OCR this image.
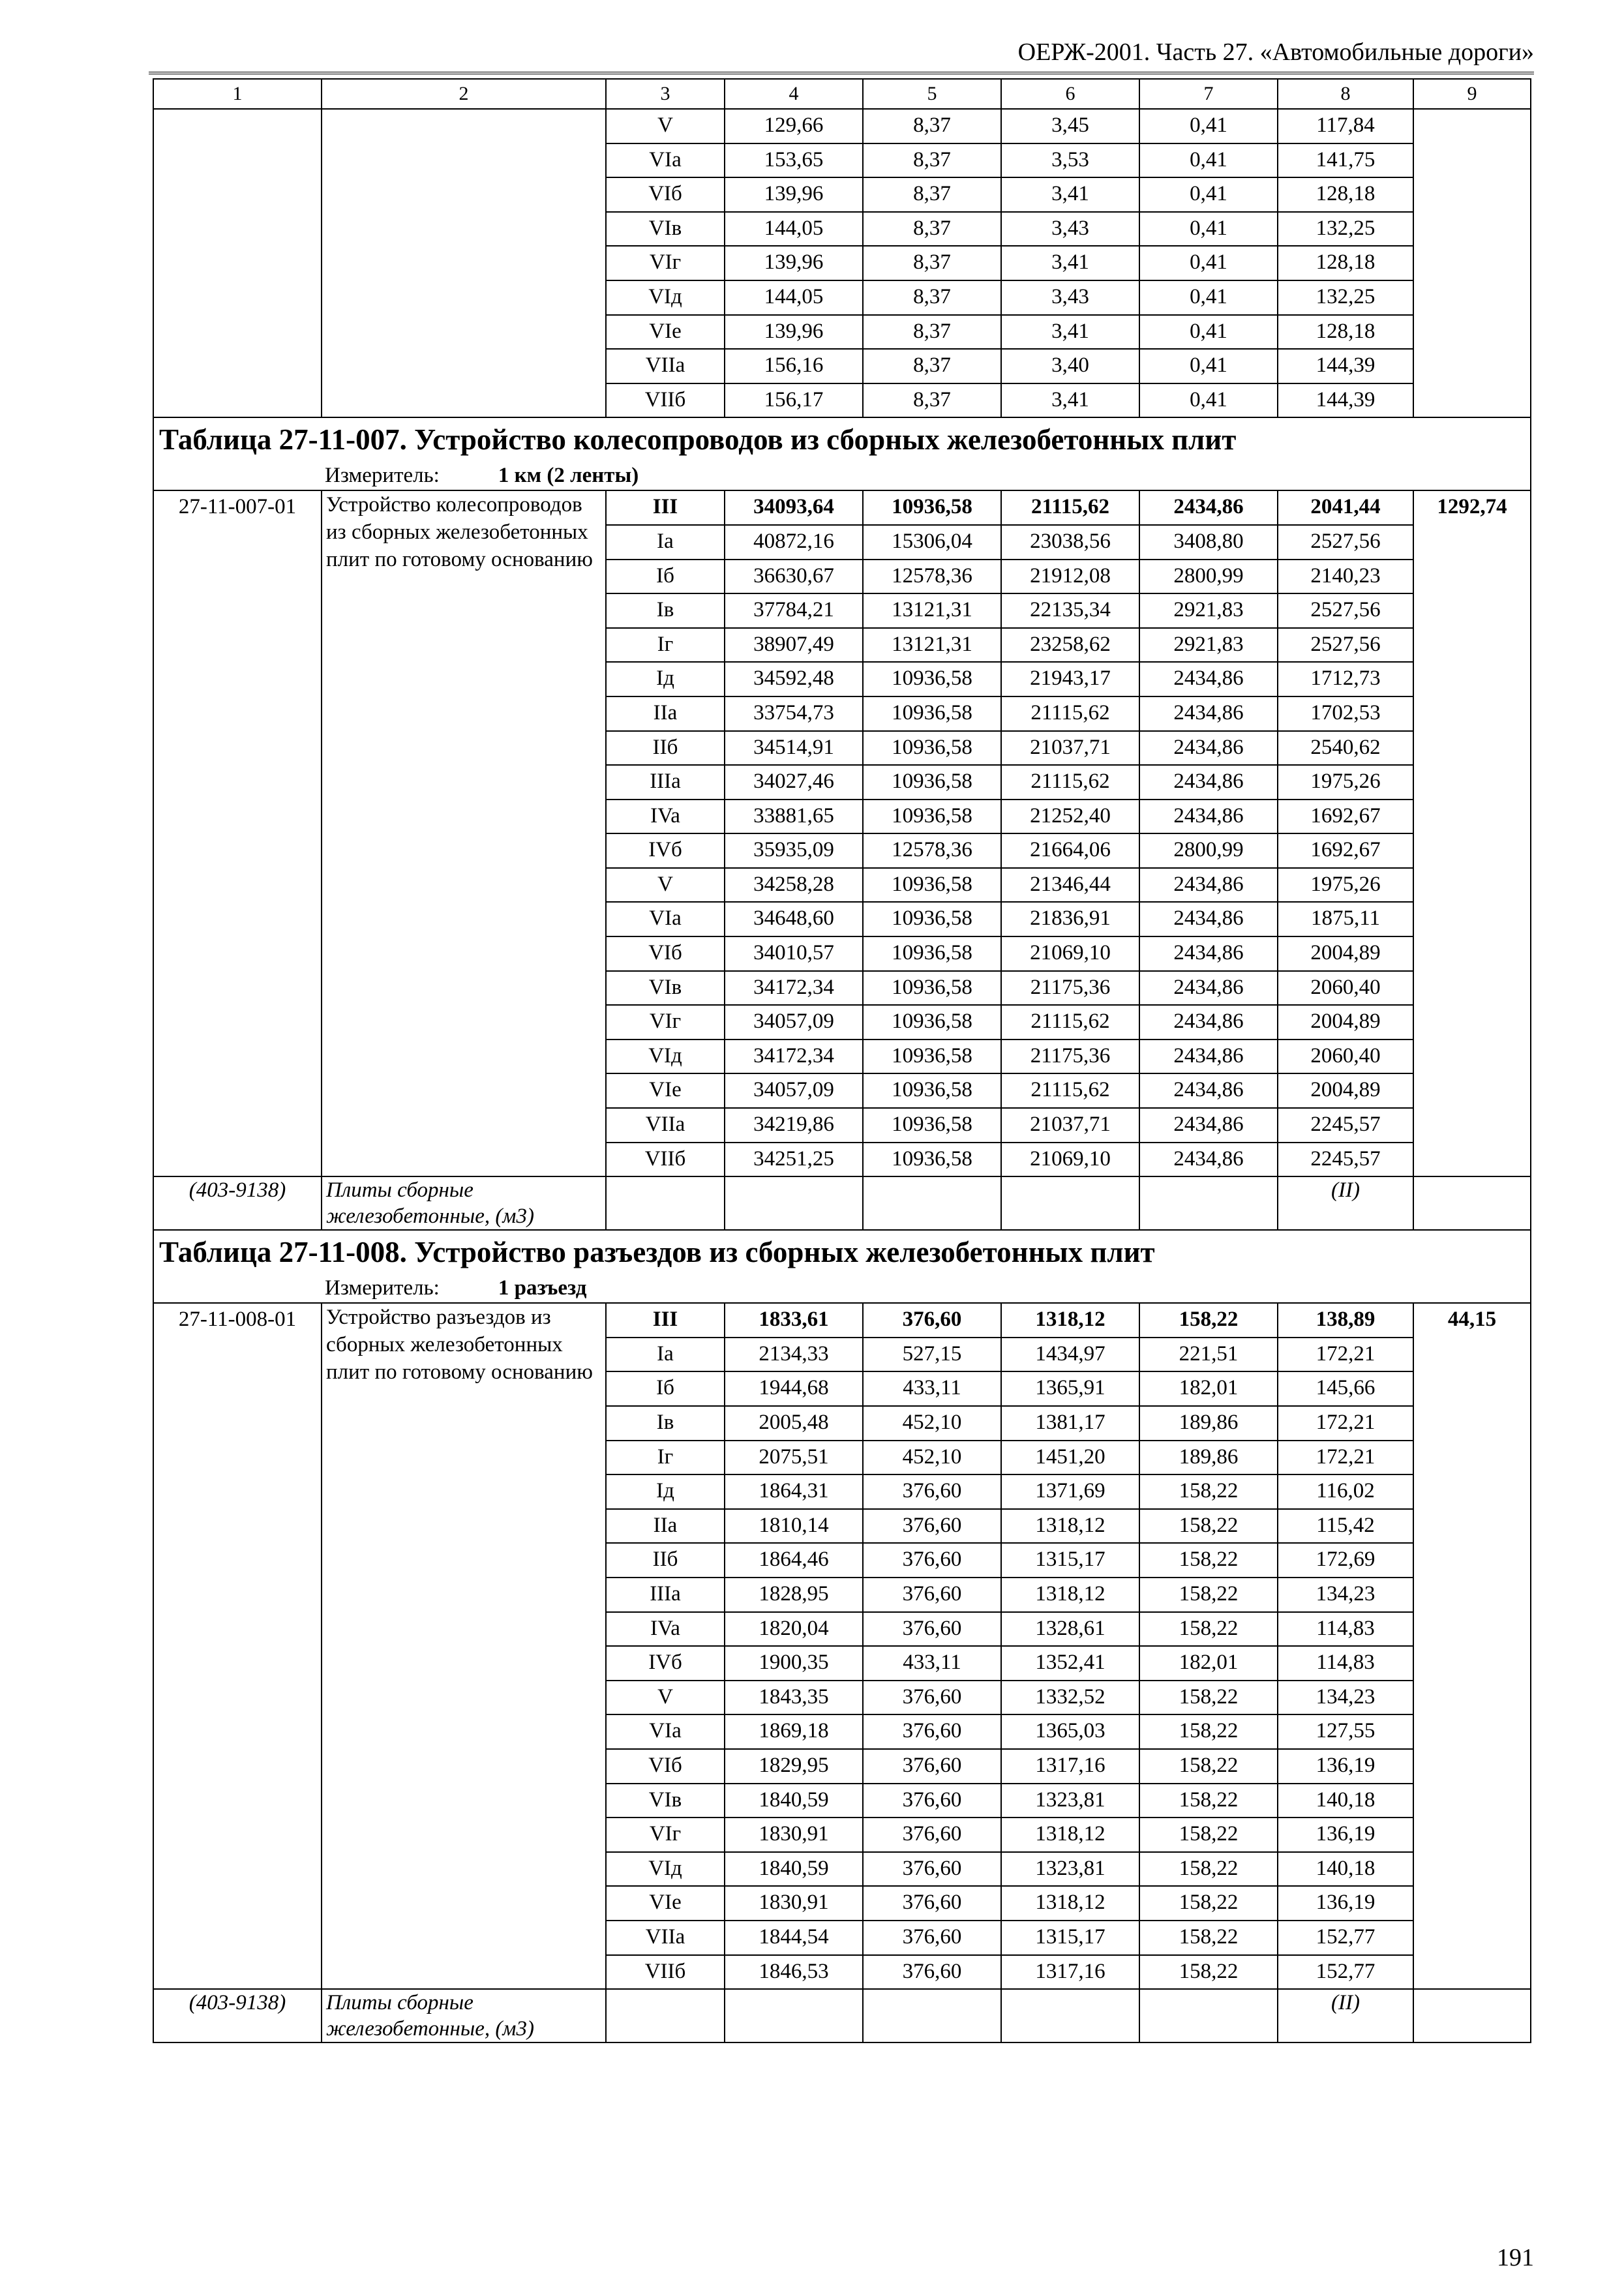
ОЕРЖ-2001. Часть 27. «Автомобильные дороги»
1	2	3	4	5	6	7	8	9
		V	129,66	8,37	3,45	0,41	117,84	
		VIa	153,65	8,37	3,53	0,41	141,75	
		VIб	139,96	8,37	3,41	0,41	128,18	
		VIв	144,05	8,37	3,43	0,41	132,25	
		VIг	139,96	8,37	3,41	0,41	128,18	
		VIд	144,05	8,37	3,43	0,41	132,25	
		VIe	139,96	8,37	3,41	0,41	128,18	
		VIIa	156,16	8,37	3,40	0,41	144,39	
		VIIб	156,17	8,37	3,41	0,41	144,39	
Таблица 27-11-007. Устройство колесопроводов из сборных железобетонных плит								
Измеритель: 1 км (2 ленты)								
27-11-007-01	Устройство колесопроводов из сборных железобетонных плит по готовому основанию	III	34093,64	10936,58	21115,62	2434,86	2041,44	1292,74
		Ia	40872,16	15306,04	23038,56	3408,80	2527,56	
		Iб	36630,67	12578,36	21912,08	2800,99	2140,23	
		Iв	37784,21	13121,31	22135,34	2921,83	2527,56	
		Iг	38907,49	13121,31	23258,62	2921,83	2527,56	
		Iд	34592,48	10936,58	21943,17	2434,86	1712,73	
		IIa	33754,73	10936,58	21115,62	2434,86	1702,53	
		IIб	34514,91	10936,58	21037,71	2434,86	2540,62	
		IIIa	34027,46	10936,58	21115,62	2434,86	1975,26	
		IVa	33881,65	10936,58	21252,40	2434,86	1692,67	
		IVб	35935,09	12578,36	21664,06	2800,99	1692,67	
		V	34258,28	10936,58	21346,44	2434,86	1975,26	
		VIa	34648,60	10936,58	21836,91	2434,86	1875,11	
		VIб	34010,57	10936,58	21069,10	2434,86	2004,89	
		VIв	34172,34	10936,58	21175,36	2434,86	2060,40	
		VIг	34057,09	10936,58	21115,62	2434,86	2004,89	
		VIд	34172,34	10936,58	21175,36	2434,86	2060,40	
		VIe	34057,09	10936,58	21115,62	2434,86	2004,89	
		VIIa	34219,86	10936,58	21037,71	2434,86	2245,57	
		VIIб	34251,25	10936,58	21069,10	2434,86	2245,57	
(403-9138)	Плиты сборные железобетонные, (м3)						(II)	
Таблица 27-11-008. Устройство разъездов из сборных железобетонных плит								
Измеритель: 1 разъезд								
27-11-008-01	Устройство разъездов из сборных железобетонных плит по готовому основанию	III	1833,61	376,60	1318,12	158,22	138,89	44,15
		Ia	2134,33	527,15	1434,97	221,51	172,21	
		Iб	1944,68	433,11	1365,91	182,01	145,66	
		Iв	2005,48	452,10	1381,17	189,86	172,21	
		Iг	2075,51	452,10	1451,20	189,86	172,21	
		Iд	1864,31	376,60	1371,69	158,22	116,02	
		IIa	1810,14	376,60	1318,12	158,22	115,42	
		IIб	1864,46	376,60	1315,17	158,22	172,69	
		IIIa	1828,95	376,60	1318,12	158,22	134,23	
		IVa	1820,04	376,60	1328,61	158,22	114,83	
		IVб	1900,35	433,11	1352,41	182,01	114,83	
		V	1843,35	376,60	1332,52	158,22	134,23	
		VIa	1869,18	376,60	1365,03	158,22	127,55	
		VIб	1829,95	376,60	1317,16	158,22	136,19	
		VIв	1840,59	376,60	1323,81	158,22	140,18	
		VIг	1830,91	376,60	1318,12	158,22	136,19	
		VIд	1840,59	376,60	1323,81	158,22	140,18	
		VIe	1830,91	376,60	1318,12	158,22	136,19	
		VIIa	1844,54	376,60	1315,17	158,22	152,77	
		VIIб	1846,53	376,60	1317,16	158,22	152,77	
(403-9138)	Плиты сборные железобетонные, (м3)						(II)	
191
